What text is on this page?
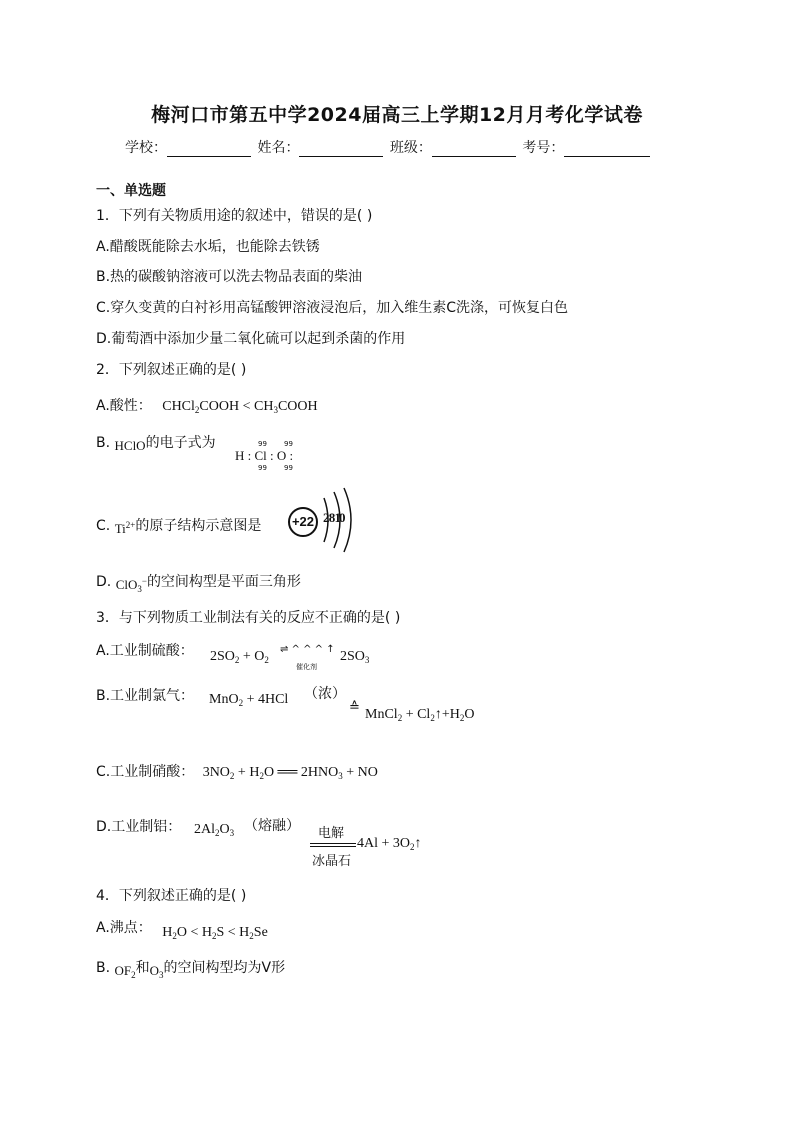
梅河口市第五中学2024届高三上学期12月月考化学试卷
学校：	姓名：	班级：	考号：
一、单选题
1．下列有关物质用途的叙述中，错误的是( )
A.醋酸既能除去水垢，也能除去铁锈
B.热的碳酸钠溶液可以洗去物品表面的柴油
C.穿久变黄的白衬衫用高锰酸钾溶液浸泡后，加入维生素C洗涤，可恢复白色
D.葡萄酒中添加少量二氧化硫可以起到杀菌的作用
2．下列叙述正确的是( )
A.酸性： CHCl$_2$COOH < $CH_3COOH$
B. HClO的电子式为
H : Cl : O :
99 99
99 99
C. $Ti^{2+}$的原子结构示意图是	+22 2 8 10
D. ClO$_3$−的空间构型是平面三角形
3．与下列物质工业制法有关的反应不正确的是( )
A.工业制硫酸： $2SO_2 + O_2$
⇌ ^ ^ ^ ↑
催化剂
$2SO_3$
B.工业制氯气： MnO$_2$ + 4HCl （浓）
≙ MnCl$_2$ + $Cl_2↑+H_2O$
C.工业制硝酸： $3NO_2 + H_2O$ ══ $2HNO_3$ + NO
D.工业制铝： $2Al_2O_3$ （熔融） 电解
冰晶石
$4Al + 3O_2↑$
4．下列叙述正确的是( )
A.沸点： $H_2O < H_2S < H_2Se$
B. $OF_2$和$O_3$的空间构型均为V形
